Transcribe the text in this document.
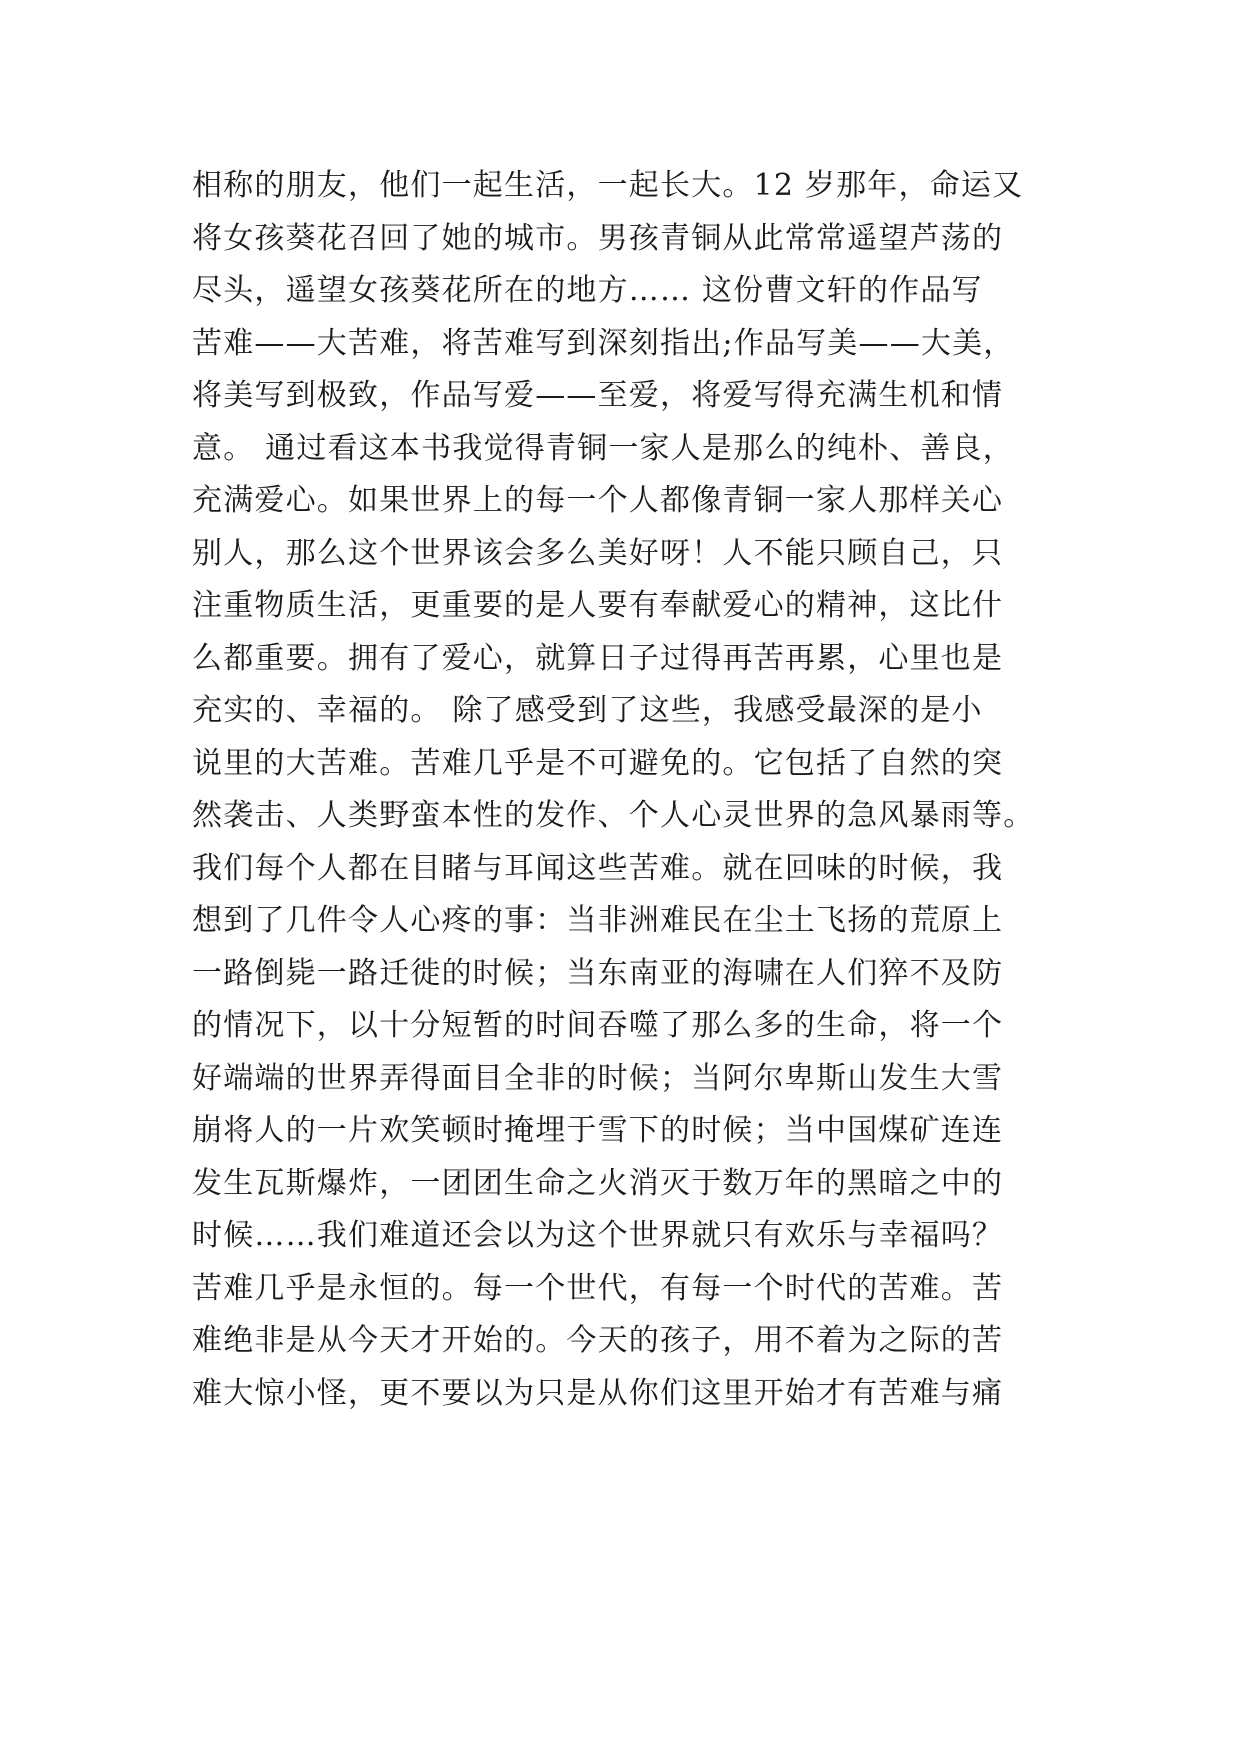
相称的朋友，他们一起生活，一起长大。12 岁那年，命运又
将女孩葵花召回了她的城市。男孩青铜从此常常遥望芦荡的
尽头，遥望女孩葵花所在的地方…… 这份曹文轩的作品写
苦难——大苦难，将苦难写到深刻指出;作品写美——大美，
将美写到极致，作品写爱——至爱，将爱写得充满生机和情
意。 通过看这本书我觉得青铜一家人是那么的纯朴、善良，
充满爱心。如果世界上的每一个人都像青铜一家人那样关心
别人，那么这个世界该会多么美好呀！人不能只顾自己，只
注重物质生活，更重要的是人要有奉献爱心的精神，这比什
么都重要。拥有了爱心，就算日子过得再苦再累，心里也是
充实的、幸福的。 除了感受到了这些，我感受最深的是小
说里的大苦难。苦难几乎是不可避免的。它包括了自然的突
然袭击、人类野蛮本性的发作、个人心灵世界的急风暴雨等。
我们每个人都在目睹与耳闻这些苦难。就在回味的时候，我
想到了几件令人心疼的事：当非洲难民在尘土飞扬的荒原上
一路倒毙一路迁徙的时候；当东南亚的海啸在人们猝不及防
的情况下，以十分短暂的时间吞噬了那么多的生命，将一个
好端端的世界弄得面目全非的时候；当阿尔卑斯山发生大雪
崩将人的一片欢笑顿时掩埋于雪下的时候；当中国煤矿连连
发生瓦斯爆炸，一团团生命之火消灭于数万年的黑暗之中的
时候……我们难道还会以为这个世界就只有欢乐与幸福吗？
苦难几乎是永恒的。每一个世代，有每一个时代的苦难。苦
难绝非是从今天才开始的。今天的孩子，用不着为之际的苦
难大惊小怪，更不要以为只是从你们这里开始才有苦难与痛
